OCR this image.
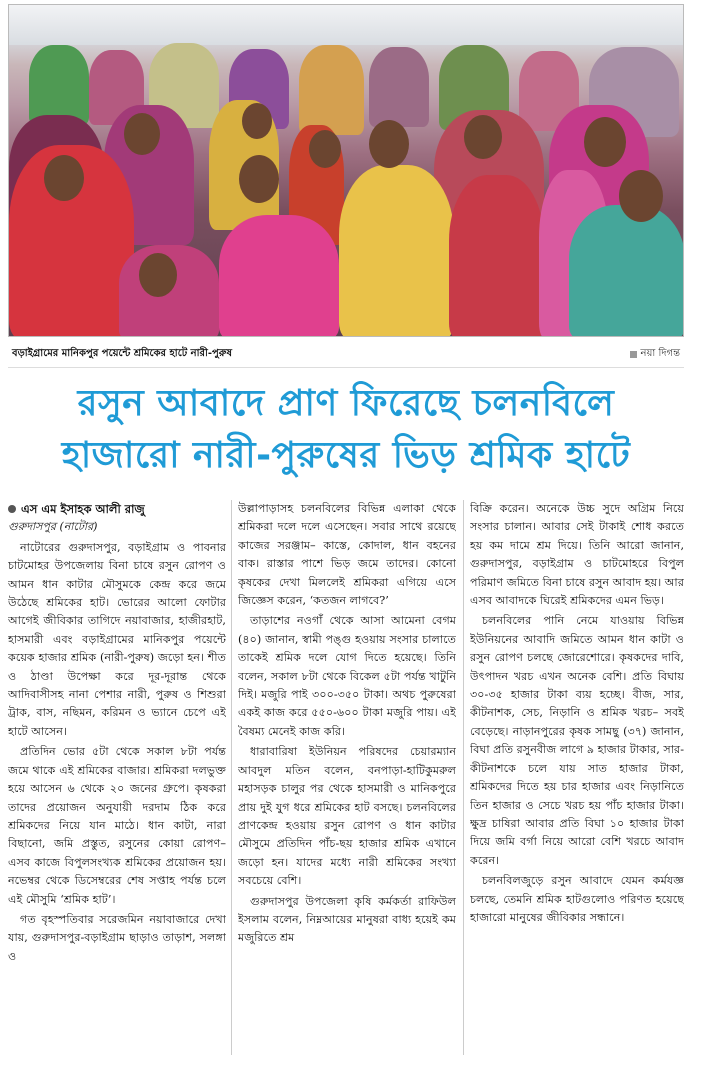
বড়াইগ্রামের মানিকপুর পয়েন্টে শ্রমিকের হাটে নারী-পুরুষ	নয়া দিগন্ত
রসুন আবাদে প্রাণ ফিরেছে চলনবিলে
হাজারো নারী-পুরুষের ভিড় শ্রমিক হাটে
এস এম ইসাহক আলী রাজু
গুরুদাসপুর (নাটোর)

নাটোরের গুরুদাসপুর, বড়াইগ্রাম ও পাবনার চাটমোহর উপজেলায় বিনা চাষে রসুন রোপণ ও আমন ধান কাটার মৌসুমকে কেন্দ্র করে জমে উঠেছে শ্রমিকের হাট। ভোরের আলো ফোটার আগেই জীবিকার তাগিদে নয়াবাজার, হাজীরহাট, হাসমারী এবং বড়াইগ্রামের মানিকপুর পয়েন্টে কয়েক হাজার শ্রমিক (নারী-পুরুষ) জড়ো হন। শীত ও ঠাণ্ডা উপেক্ষা করে দূর-দূরান্ত থেকে আদিবাসীসহ নানা পেশার নারী, পুরুষ ও শিশুরা ট্রাক, বাস, নছিমন, করিমন ও ভ্যানে চেপে এই হাটে আসেন।

প্রতিদিন ভোর ৫টা থেকে সকাল ৮টা পর্যন্ত জমে থাকে এই শ্রমিকের বাজার। শ্রমিকরা দলভুক্ত হয়ে আসেন ৬ থেকে ২০ জনের গ্রুপে। কৃষকরা তাদের প্রয়োজন অনুযায়ী দরদাম ঠিক করে শ্রমিকদের নিয়ে যান মাঠে। ধান কাটা, নারা বিছানো, জমি প্রস্তুত, রসুনের কোয়া রোপণ– এসব কাজে বিপুলসংখ্যক শ্রমিকের প্রয়োজন হয়। নভেম্বর থেকে ডিসেম্বরের শেষ সপ্তাহ পর্যন্ত চলে এই মৌসুমি ‘শ্রমিক হাট’।

গত বৃহস্পতিবার সরেজমিন নয়াবাজারে দেখা যায়, গুরুদাসপুর-বড়াইগ্রাম ছাড়াও তাড়াশ, সলঙ্গা ও

উল্লাপাড়াসহ চলনবিলের বিভিন্ন এলাকা থেকে শ্রমিকরা দলে দলে এসেছেন। সবার সাথে রয়েছে কাজের সরঞ্জাম– কাস্তে, কোদাল, ধান বহনের বাক। রাস্তার পাশে ভিড় জমে তাদের। কোনো কৃষকের দেখা মিললেই শ্রমিকরা এগিয়ে এসে জিজ্ঞেস করেন, ‘কতজন লাগবে?’

তাড়াশের নওগাঁ থেকে আসা আমেনা বেগম (৪০) জানান, স্বামী পঙ্গু হওয়ায় সংসার চালাতে তাকেই শ্রমিক দলে যোগ দিতে হয়েছে। তিনি বলেন, সকাল ৮টা থেকে বিকেল ৫টা পর্যন্ত খাটুনি দিই। মজুরি পাই ৩০০-৩৫০ টাকা। অথচ পুরুষেরা একই কাজ করে ৫৫০-৬০০ টাকা মজুরি পায়। এই বৈষম্য মেনেই কাজ করি।

ধারাবারিষা ইউনিয়ন পরিষদের চেয়ারম্যান আবদুল মতিন বলেন, বনপাড়া-হাটিকুমরুল মহাসড়ক চালুর পর থেকে হাসমারী ও মানিকপুরে প্রায় দুই যুগ ধরে শ্রমিকের হাট বসছে। চলনবিলের প্রাণকেন্দ্র হওয়ায় রসুন রোপণ ও ধান কাটার মৌসুমে প্রতিদিন পাঁচ-ছয় হাজার শ্রমিক এখানে জড়ো হন। যাদের মধ্যে নারী শ্রমিকের সংখ্যা সবচেয়ে বেশি।

গুরুদাসপুর উপজেলা কৃষি কর্মকর্তা রাফিউল ইসলাম বলেন, নিম্নআয়ের মানুষরা বাধ্য হয়েই কম মজুরিতে শ্রম

বিক্রি করেন। অনেকে উচ্চ সুদে অগ্রিম নিয়ে সংসার চালান। আবার সেই টাকাই শোধ করতে হয় কম দামে শ্রম দিয়ে। তিনি আরো জানান, গুরুদাসপুর, বড়াইগ্রাম ও চাটমোহরে বিপুল পরিমাণ জমিতে বিনা চাষে রসুন আবাদ হয়। আর এসব আবাদকে ঘিরেই শ্রমিকদের এমন ভিড়।

চলনবিলের পানি নেমে যাওয়ায় বিভিন্ন ইউনিয়নের আবাদি জমিতে আমন ধান কাটা ও রসুন রোপণ চলছে জোরেশোরে। কৃষকদের দাবি, উৎপাদন খরচ এখন অনেক বেশি। প্রতি বিঘায় ৩০-৩৫ হাজার টাকা ব্যয় হচ্ছে। বীজ, সার, কীটনাশক, সেচ, নিড়ানি ও শ্রমিক খরচ– সবই বেড়েছে। নাড়ানপুরের কৃষক সামছু (৩৭) জানান, বিঘা প্রতি রসুনবীজ লাগে ৯ হাজার টাকার, সার-কীটনাশকে চলে যায় সাত হাজার টাকা, শ্রমিকদের দিতে হয় চার হাজার এবং নিড়ানিতে তিন হাজার ও সেচে খরচ হয় পাঁচ হাজার টাকা। ক্ষুদ্র চাষিরা আবার প্রতি বিঘা ১০ হাজার টাকা দিয়ে জমি বর্গা নিয়ে আরো বেশি খরচে আবাদ করেন।

চলনবিলজুড়ে রসুন আবাদে যেমন কর্মযজ্ঞ চলছে, তেমনি শ্রমিক হাটগুলোও পরিণত হয়েছে হাজারো মানুষের জীবিকার সন্ধানে।
